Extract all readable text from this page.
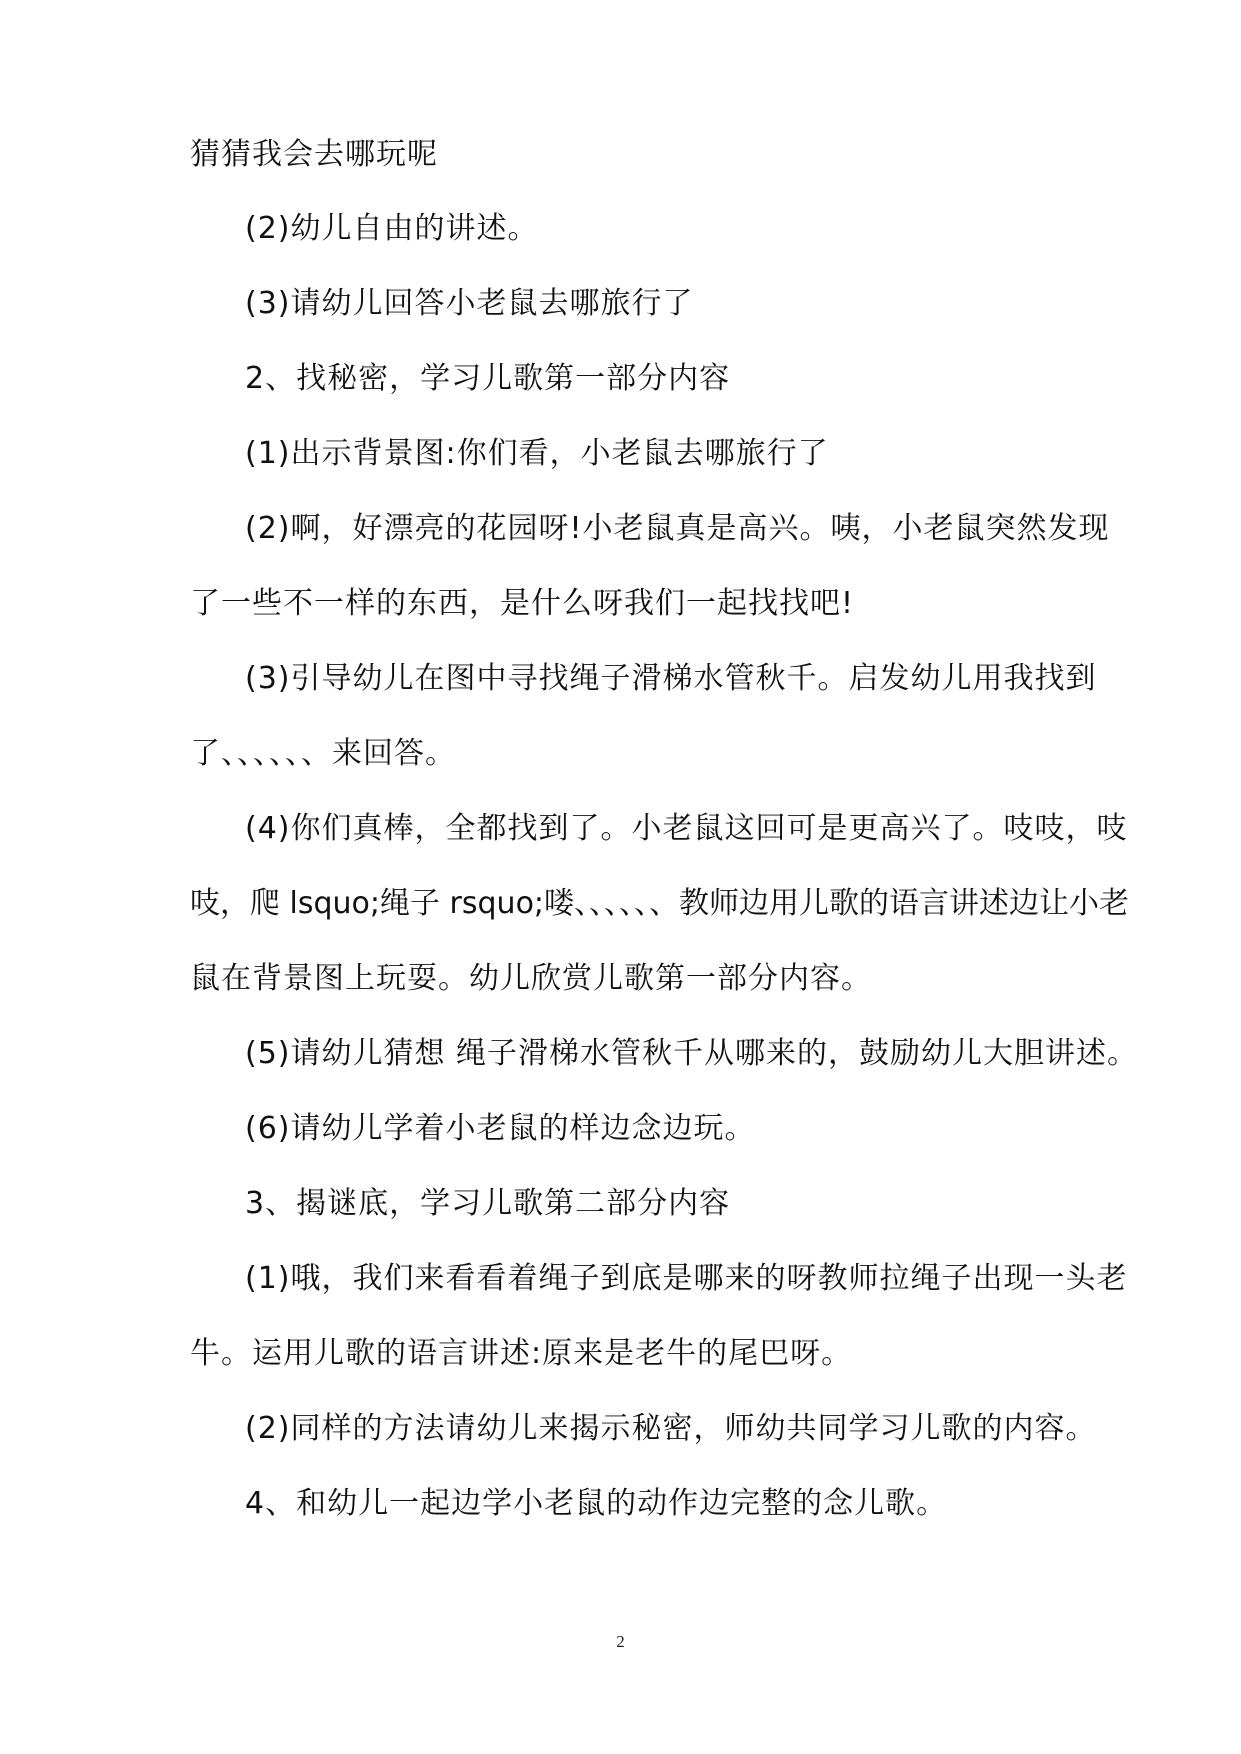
猜猜我会去哪玩呢
(2)幼儿自由的讲述。
(3)请幼儿回答小老鼠去哪旅行了
2、找秘密，学习儿歌第一部分内容
(1)出示背景图:你们看，小老鼠去哪旅行了
(2)啊，好漂亮的花园呀!小老鼠真是高兴。咦，小老鼠突然发现
了一些不一样的东西，是什么呀我们一起找找吧!
(3)引导幼儿在图中寻找绳子滑梯水管秋千。启发幼儿用我找到
了、、、、、、来回答。
(4)你们真棒，全都找到了。小老鼠这回可是更高兴了。吱吱，吱
吱，爬 lsquo;绳子 rsquo;喽、、、、、、教师边用儿歌的语言讲述边让小老
鼠在背景图上玩耍。幼儿欣赏儿歌第一部分内容。
(5)请幼儿猜想 绳子滑梯水管秋千从哪来的，鼓励幼儿大胆讲述。
(6)请幼儿学着小老鼠的样边念边玩。
3、揭谜底，学习儿歌第二部分内容
(1)哦，我们来看看着绳子到底是哪来的呀教师拉绳子出现一头老
牛。运用儿歌的语言讲述:原来是老牛的尾巴呀。
(2)同样的方法请幼儿来揭示秘密，师幼共同学习儿歌的内容。
4、和幼儿一起边学小老鼠的动作边完整的念儿歌。
2
